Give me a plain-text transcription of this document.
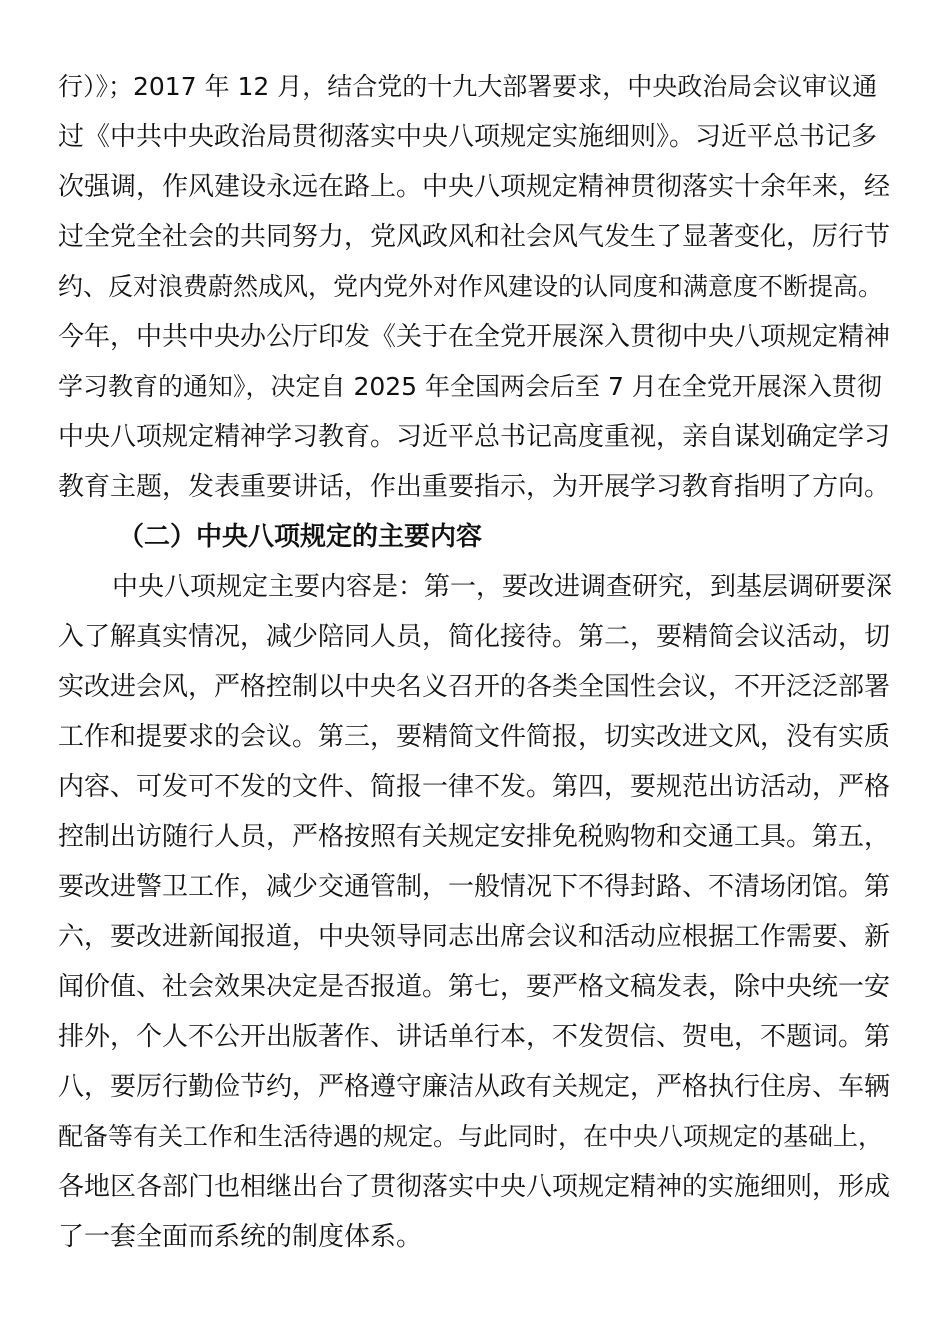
行）》；2017 年 12 月，结合党的十九大部署要求，中央政治局会议审议通
过《中共中央政治局贯彻落实中央八项规定实施细则》。习近平总书记多
次强调，作风建设永远在路上。中央八项规定精神贯彻落实十余年来，经
过全党全社会的共同努力，党风政风和社会风气发生了显著变化，厉行节
约、反对浪费蔚然成风，党内党外对作风建设的认同度和满意度不断提高。
今年，中共中央办公厅印发《关于在全党开展深入贯彻中央八项规定精神
学习教育的通知》，决定自 2025 年全国两会后至 7 月在全党开展深入贯彻
中央八项规定精神学习教育。习近平总书记高度重视，亲自谋划确定学习
教育主题，发表重要讲话，作出重要指示，为开展学习教育指明了方向。
（二）中央八项规定的主要内容
中央八项规定主要内容是：第一，要改进调查研究，到基层调研要深
入了解真实情况，减少陪同人员，简化接待。第二，要精简会议活动，切
实改进会风，严格控制以中央名义召开的各类全国性会议，不开泛泛部署
工作和提要求的会议。第三，要精简文件简报，切实改进文风，没有实质
内容、可发可不发的文件、简报一律不发。第四，要规范出访活动，严格
控制出访随行人员，严格按照有关规定安排免税购物和交通工具。第五，
要改进警卫工作，减少交通管制，一般情况下不得封路、不清场闭馆。第
六，要改进新闻报道，中央领导同志出席会议和活动应根据工作需要、新
闻价值、社会效果决定是否报道。第七，要严格文稿发表，除中央统一安
排外，个人不公开出版著作、讲话单行本，不发贺信、贺电，不题词。第
八，要厉行勤俭节约，严格遵守廉洁从政有关规定，严格执行住房、车辆
配备等有关工作和生活待遇的规定。与此同时，在中央八项规定的基础上，
各地区各部门也相继出台了贯彻落实中央八项规定精神的实施细则，形成
了一套全面而系统的制度体系。
